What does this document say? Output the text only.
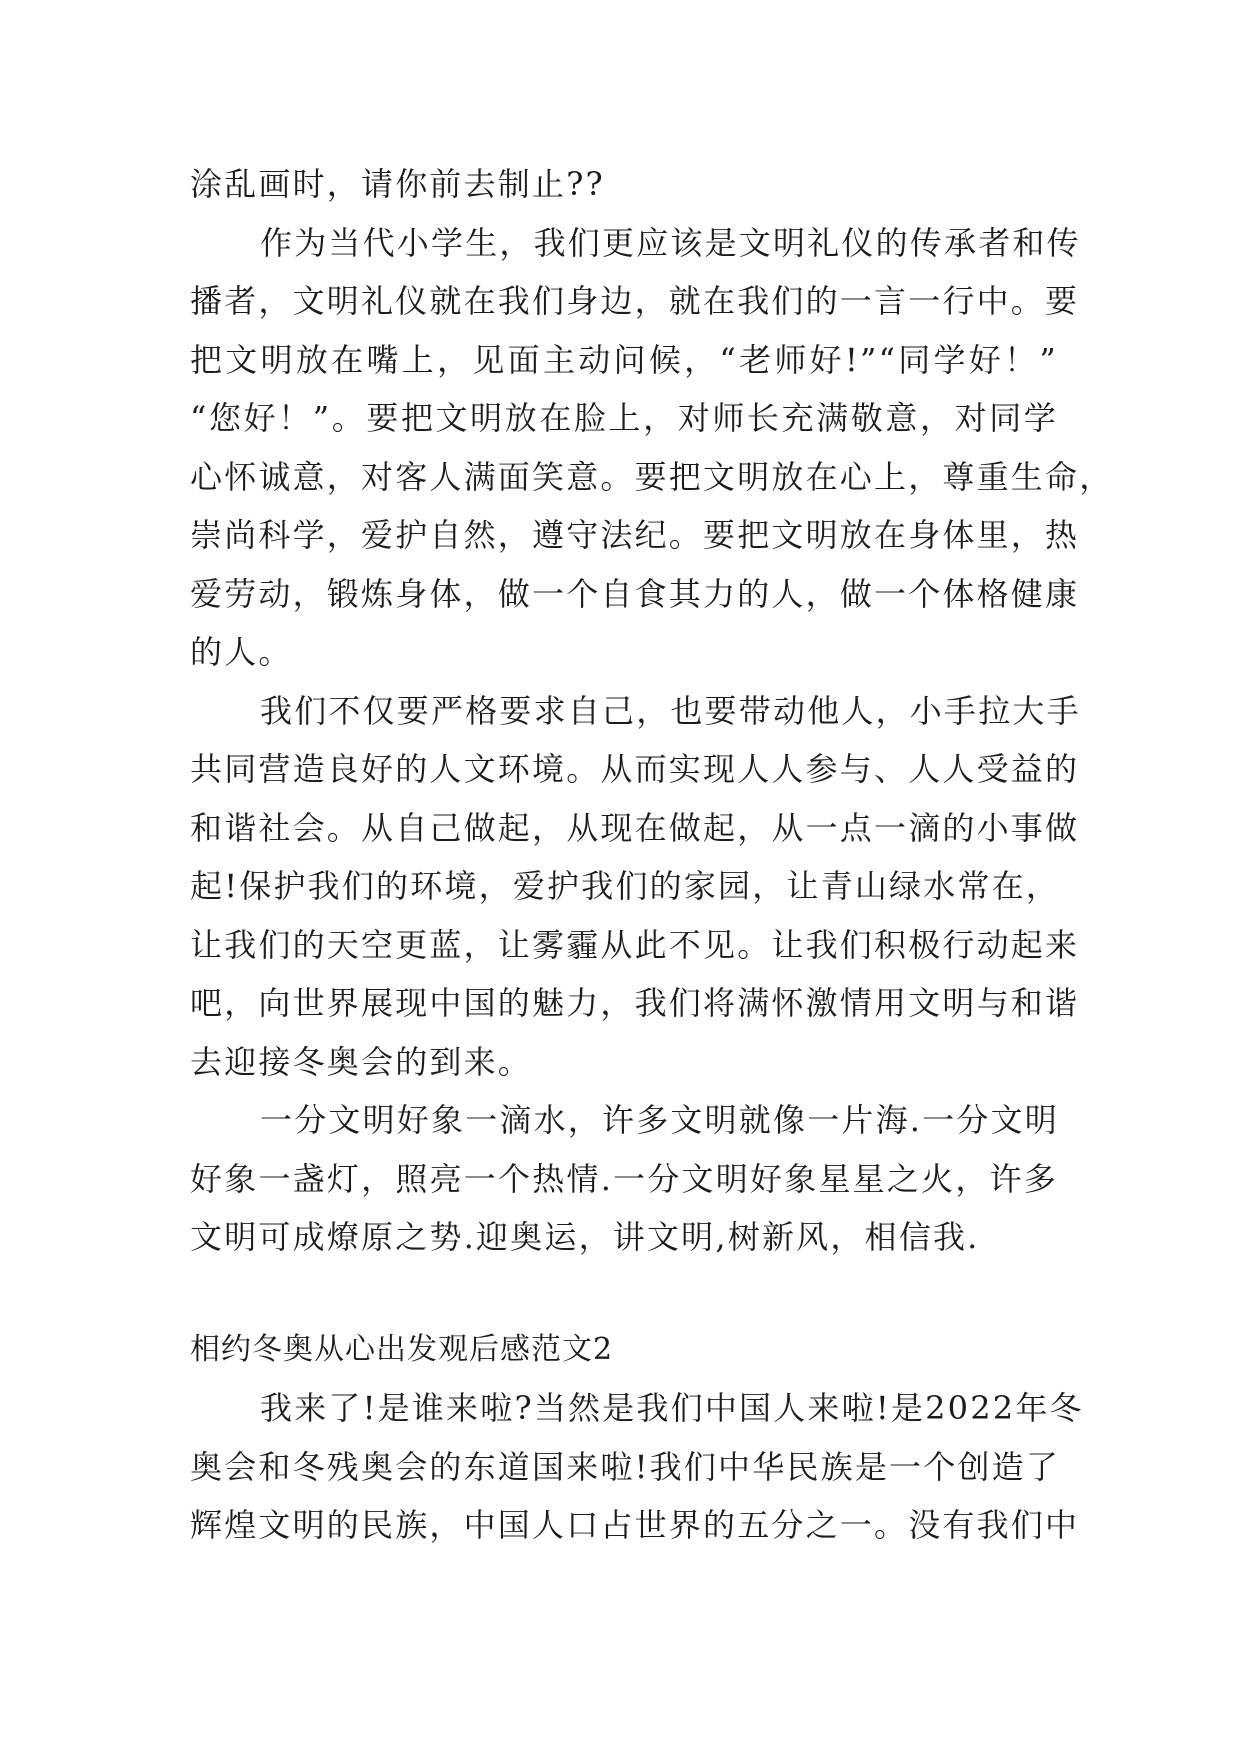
涂乱画时，请你前去制止??
作为当代小学生，我们更应该是文明礼仪的传承者和传
播者，文明礼仪就在我们身边，就在我们的一言一行中。要
把文明放在嘴上，见面主动问候，“老师好!”“同学好！”
“您好！”。要把文明放在脸上，对师长充满敬意，对同学
心怀诚意，对客人满面笑意。要把文明放在心上，尊重生命，
崇尚科学，爱护自然，遵守法纪。要把文明放在身体里，热
爱劳动，锻炼身体，做一个自食其力的人，做一个体格健康
的人。
我们不仅要严格要求自己，也要带动他人，小手拉大手
共同营造良好的人文环境。从而实现人人参与、人人受益的
和谐社会。从自己做起，从现在做起，从一点一滴的小事做
起!保护我们的环境，爱护我们的家园，让青山绿水常在，
让我们的天空更蓝，让雾霾从此不见。让我们积极行动起来
吧，向世界展现中国的魅力，我们将满怀激情用文明与和谐
去迎接冬奥会的到来。
一分文明好象一滴水，许多文明就像一片海.一分文明
好象一盏灯，照亮一个热情.一分文明好象星星之火，许多
文明可成燎原之势.迎奥运，讲文明,树新风，相信我.
相约冬奥从心出发观后感范文2
我来了!是谁来啦?当然是我们中国人来啦!是2022年冬
奥会和冬残奥会的东道国来啦!我们中华民族是一个创造了
辉煌文明的民族，中国人口占世界的五分之一。没有我们中
